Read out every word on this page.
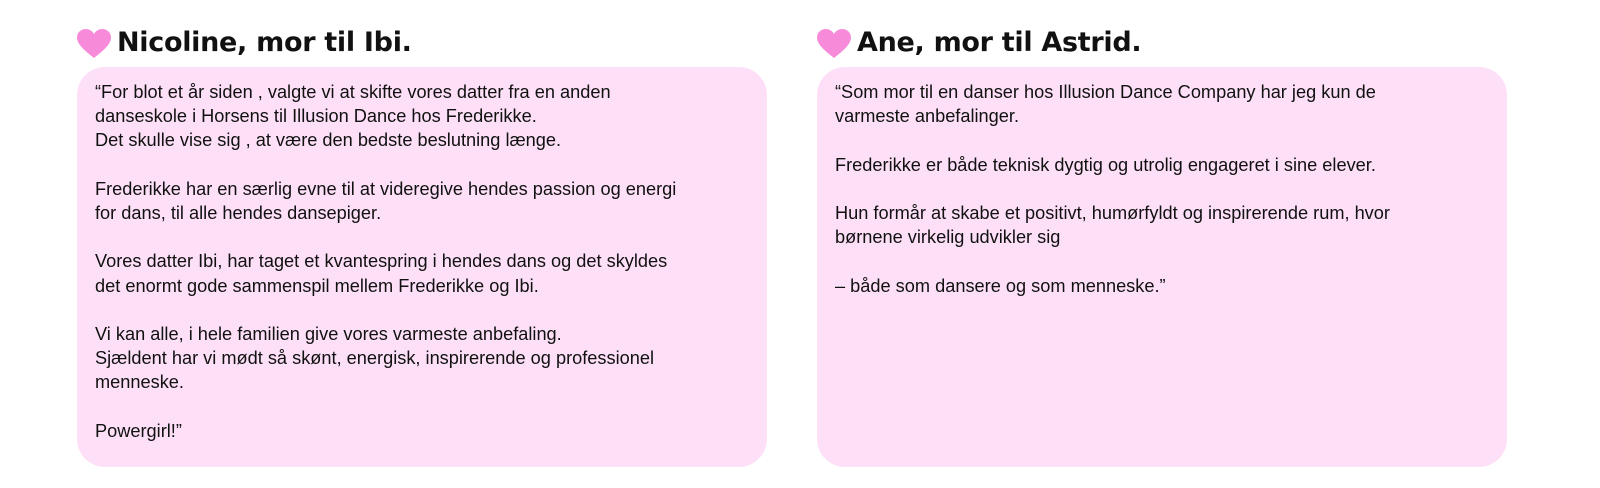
Nicoline, mor til Ibi.

“For blot et år siden , valgte vi at skifte vores datter fra en anden
danseskole i Horsens til Illusion Dance hos Frederikke.
Det skulle vise sig , at være den bedste beslutning længe.

Frederikke har en særlig evne til at videregive hendes passion og energi
for dans, til alle hendes dansepiger.

Vores datter Ibi, har taget et kvantespring i hendes dans og det skyldes
det enormt gode sammenspil mellem Frederikke og Ibi.

Vi kan alle, i hele familien give vores varmeste anbefaling.
Sjældent har vi mødt så skønt, energisk, inspirerende og professionel
menneske.

Powergirl!”

Ane, mor til Astrid.

“Som mor til en danser hos Illusion Dance Company har jeg kun de
varmeste anbefalinger.

Frederikke er både teknisk dygtig og utrolig engageret i sine elever.

Hun formår at skabe et positivt, humørfyldt og inspirerende rum, hvor
børnene virkelig udvikler sig

– både som dansere og som menneske.”
